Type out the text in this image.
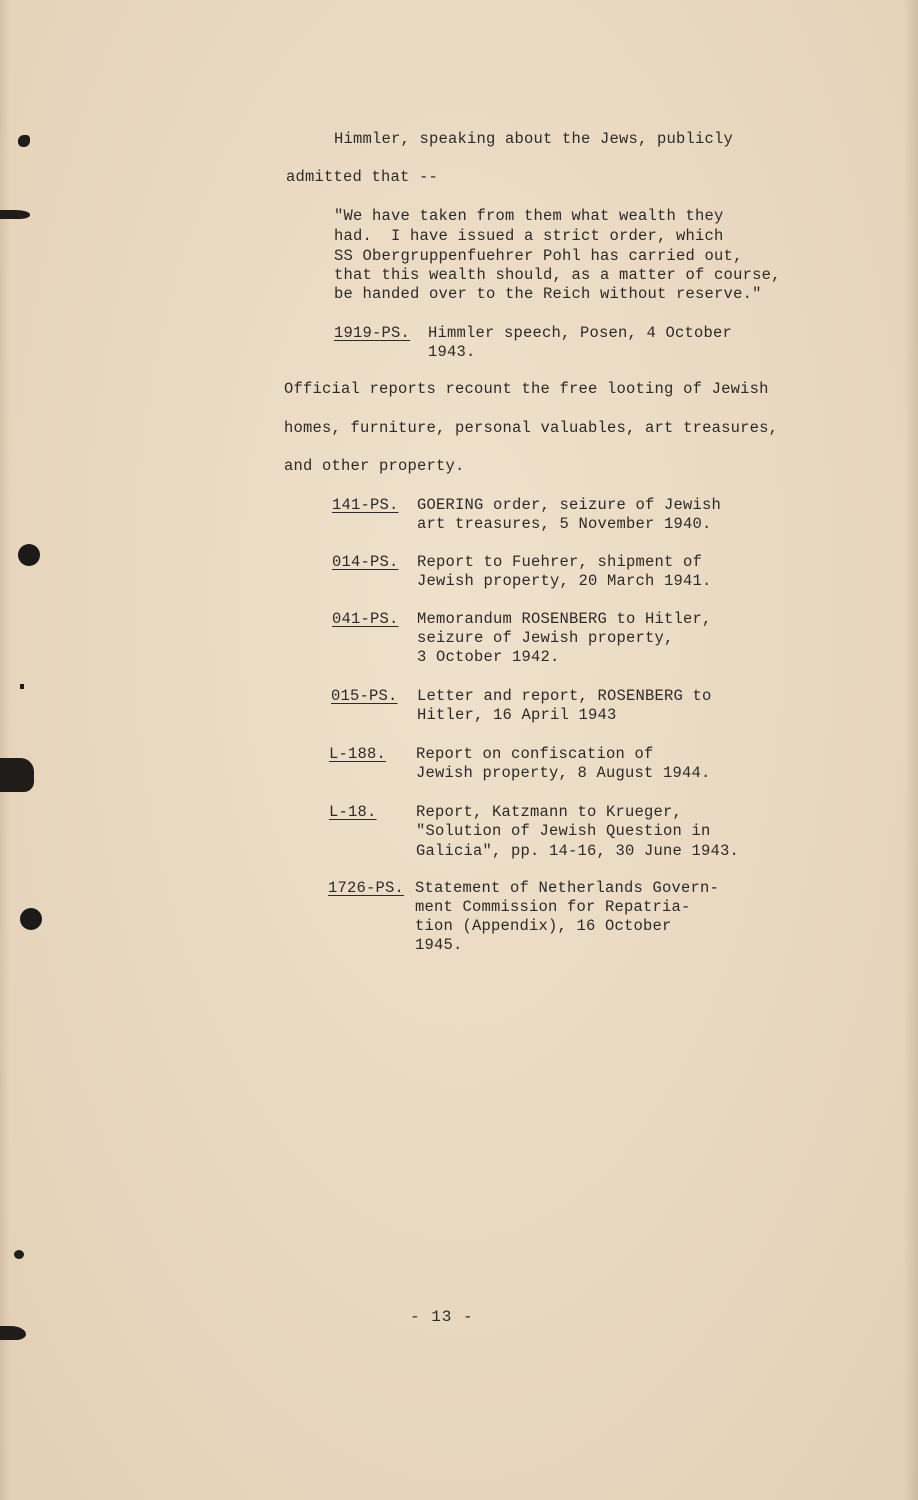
Himmler, speaking about the Jews, publicly
admitted that --
"We have taken from them what wealth they
had.  I have issued a strict order, which
SS Obergruppenfuehrer Pohl has carried out,
that this wealth should, as a matter of course,
be handed over to the Reich without reserve."
1919-PS. Himmler speech, Posen, 4 October
1943.
Official reports recount the free looting of Jewish
homes, furniture, personal valuables, art treasures,
and other property.
141-PS. GOERING order, seizure of Jewish
art treasures, 5 November 1940.
014-PS. Report to Fuehrer, shipment of
Jewish property, 20 March 1941.
041-PS. Memorandum ROSENBERG to Hitler,
seizure of Jewish property,
3 October 1942.
015-PS. Letter and report, ROSENBERG to
Hitler, 16 April 1943
L-188. Report on confiscation of
Jewish property, 8 August 1944.
L-18.	Report, Katzmann to Krueger,
"Solution of Jewish Question in
Galicia", pp. 14-16, 30 June 1943.
1726-PS. Statement of Netherlands Govern-
ment Commission for Repatria-
tion (Appendix), 16 October
1945.
- 13 -
